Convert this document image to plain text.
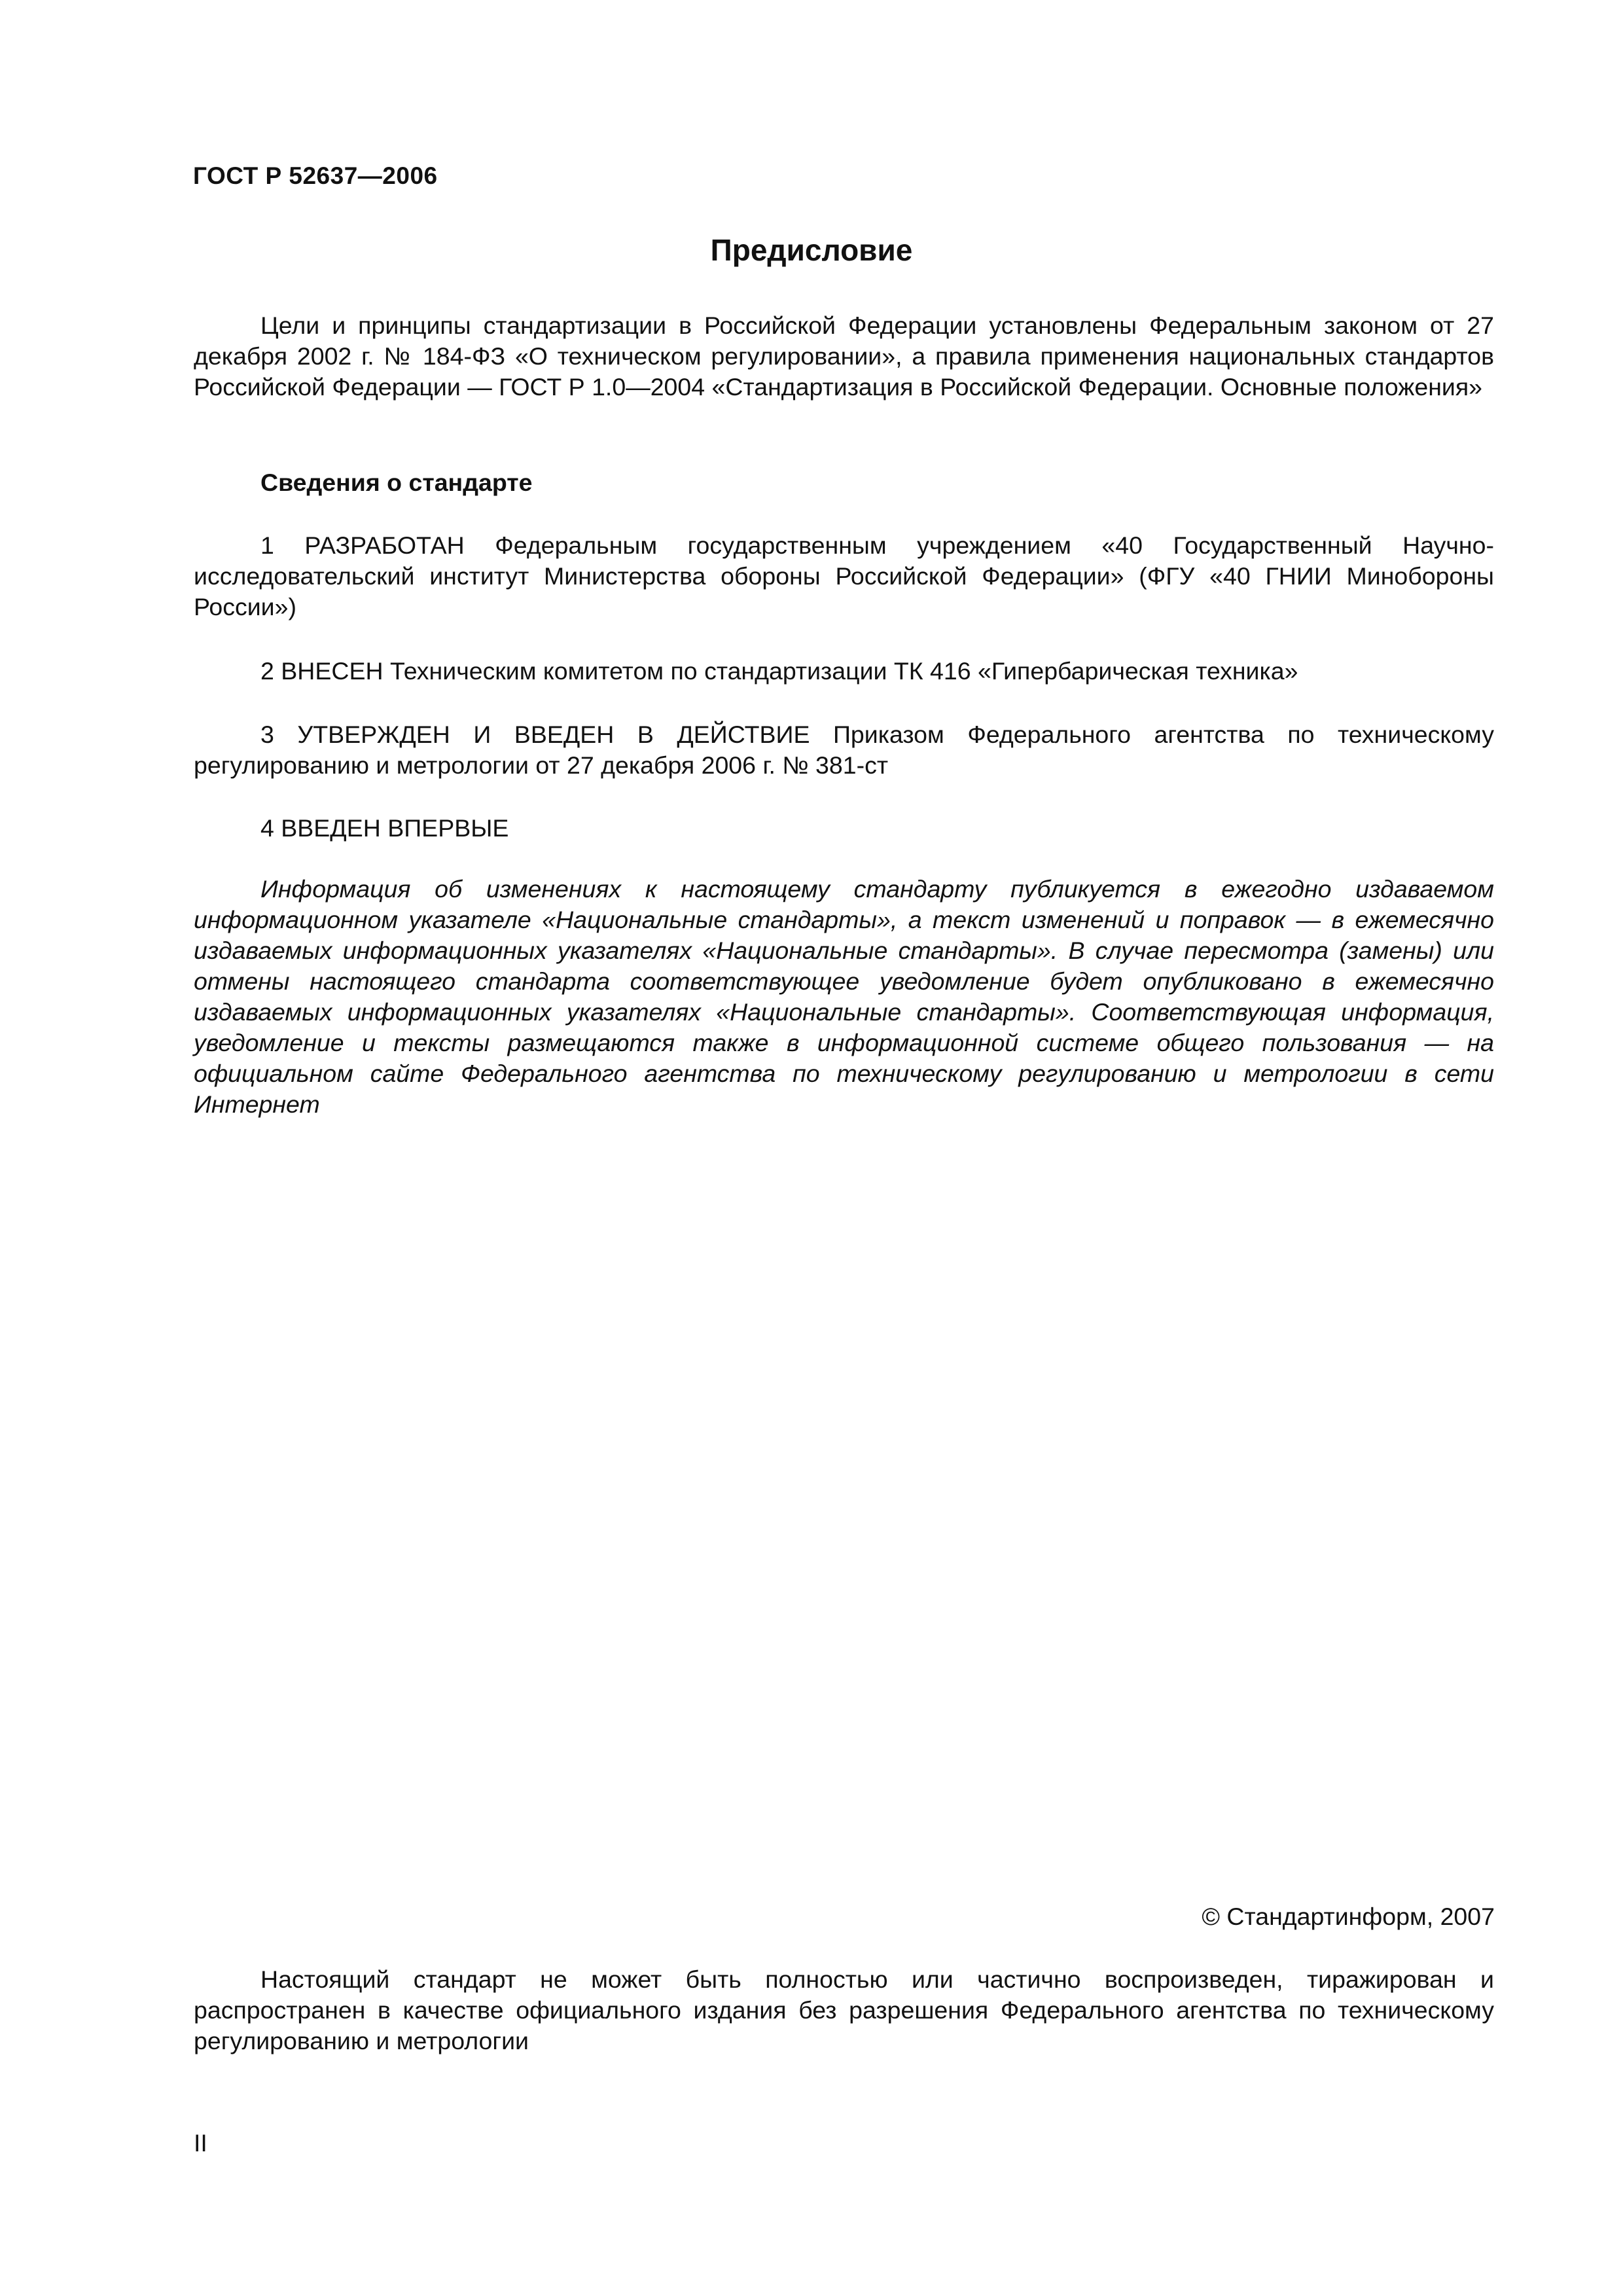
ГОСТ Р 52637—2006
Предисловие

Цели и принципы стандартизации в Российской Федерации установлены Федеральным законом от 27 декабря 2002 г. № 184-ФЗ «О техническом регулировании», а правила применения национальных стандартов Российской Федерации — ГОСТ Р 1.0—2004 «Стандартизация в Российской Федерации. Основные положения»

Сведения о стандарте

1 РАЗРАБОТАН Федеральным государственным учреждением «40 Государственный Научно-исследовательский институт Министерства обороны Российской Федерации» (ФГУ «40 ГНИИ Минобороны России»)

2 ВНЕСЕН Техническим комитетом по стандартизации ТК 416 «Гипербарическая техника»

3 УТВЕРЖДЕН И ВВЕДЕН В ДЕЙСТВИЕ Приказом Федерального агентства по техническому регулированию и метрологии от 27 декабря 2006 г. № 381-ст

4 ВВЕДЕН ВПЕРВЫЕ

Информация об изменениях к настоящему стандарту публикуется в ежегодно издаваемом информационном указателе «Национальные стандарты», а текст изменений и поправок — в ежемесячно издаваемых информационных указателях «Национальные стандарты». В случае пересмотра (замены) или отмены настоящего стандарта соответствующее уведомление будет опубликовано в ежемесячно издаваемых информационных указателях «Национальные стандарты». Соответствующая информация, уведомление и тексты размещаются также в информационной системе общего пользования — на официальном сайте Федерального агентства по техническому регулированию и метрологии в сети Интернет

© Стандартинформ, 2007

Настоящий стандарт не может быть полностью или частично воспроизведен, тиражирован и распространен в качестве официального издания без разрешения Федерального агентства по техническому регулированию и метрологии

II
